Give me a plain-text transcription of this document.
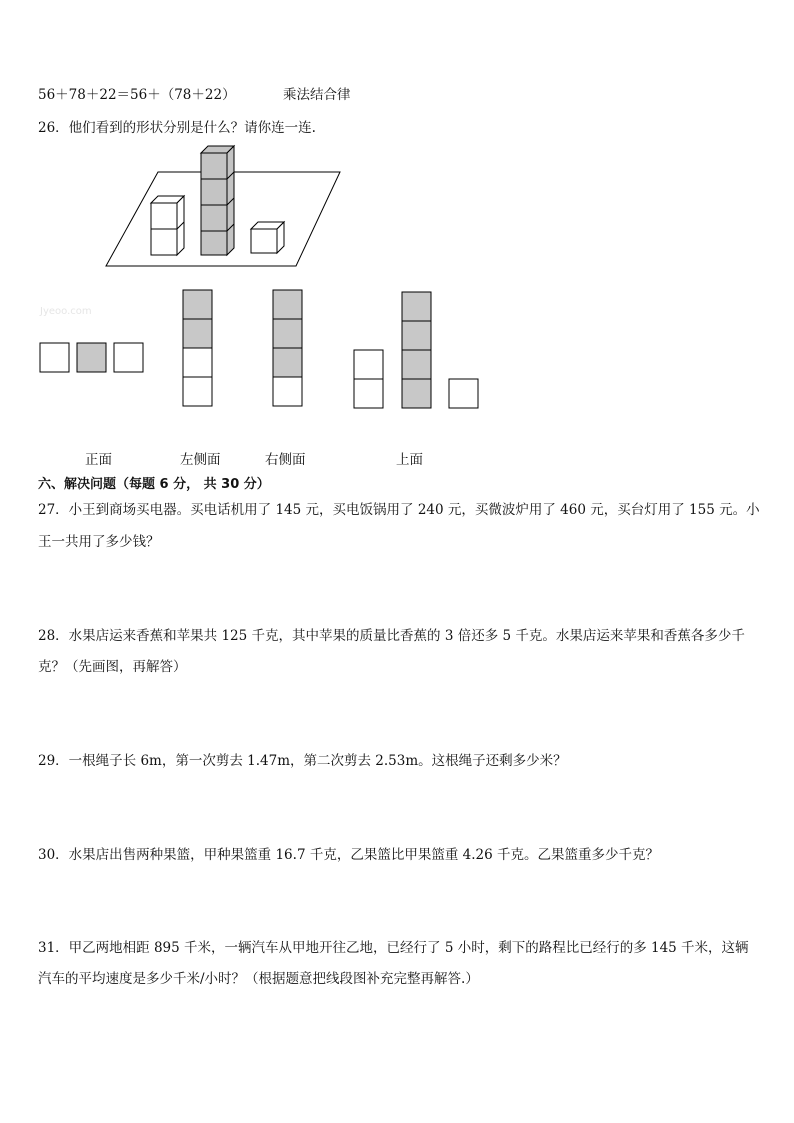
56＋78＋22＝56＋（78＋22）	乘法结合律
26．他们看到的形状分别是什么？请你连一连.
Jyeoo.com
正面	左侧面	右侧面	上面
六、解决问题（每题 6 分， 共 30 分）
27．小王到商场买电器。买电话机用了 145 元，买电饭锅用了 240 元，买微波炉用了 460 元，买台灯用了 155 元。小
王一共用了多少钱？
28．水果店运来香蕉和苹果共 125 千克，其中苹果的质量比香蕉的 3 倍还多 5 千克。水果店运来苹果和香蕉各多少千
克？（先画图，再解答）
29．一根绳子长 6m，第一次剪去 1.47m，第二次剪去 2.53m。这根绳子还剩多少米？
30．水果店出售两种果篮，甲种果篮重 16.7 千克，乙果篮比甲果篮重 4.26 千克。乙果篮重多少千克？
31．甲乙两地相距 895 千米，一辆汽车从甲地开往乙地，已经行了 5 小时，剩下的路程比已经行的多 145 千米，这辆
汽车的平均速度是多少千米/小时？（根据题意把线段图补充完整再解答.）
